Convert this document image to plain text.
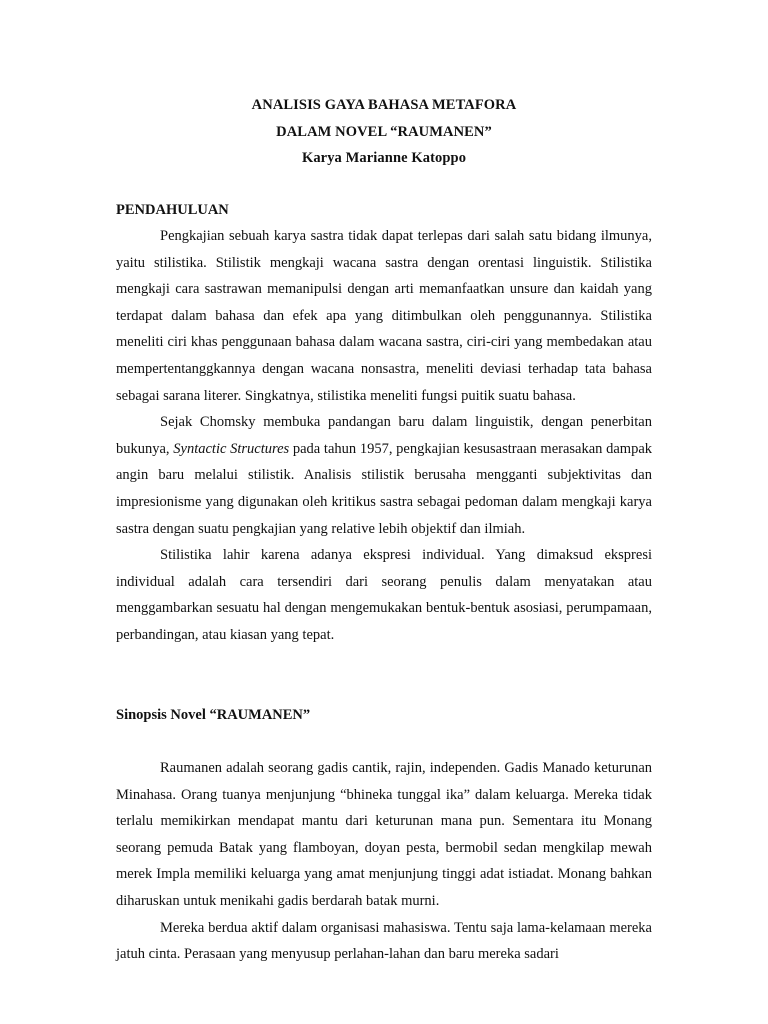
ANALISIS GAYA BAHASA METAFORA
DALAM NOVEL “RAUMANEN”
Karya Marianne Katoppo
PENDAHULUAN

Pengkajian sebuah karya sastra tidak dapat terlepas dari salah satu bidang ilmunya, yaitu stilistika. Stilistik mengkaji wacana sastra dengan orentasi linguistik. Stilistika mengkaji cara sastrawan memanipulsi dengan arti memanfaatkan unsure dan kaidah yang terdapat dalam bahasa dan efek apa yang ditimbulkan oleh penggunannya. Stilistika meneliti ciri khas penggunaan bahasa dalam wacana sastra, ciri-ciri yang membedakan atau mempertentanggkannya dengan wacana nonsastra, meneliti deviasi terhadap tata bahasa sebagai sarana literer. Singkatnya, stilistika meneliti fungsi puitik suatu bahasa.

Sejak Chomsky membuka pandangan baru dalam linguistik, dengan penerbitan bukunya, Syntactic Structures pada tahun 1957, pengkajian kesusastraan merasakan dampak angin baru melalui stilistik. Analisis stilistik berusaha mengganti subjektivitas dan impresionisme yang digunakan oleh kritikus sastra sebagai pedoman dalam mengkaji karya sastra dengan suatu pengkajian yang relative lebih objektif dan ilmiah.

Stilistika lahir karena adanya ekspresi individual. Yang dimaksud ekspresi individual adalah cara tersendiri dari seorang penulis dalam menyatakan atau menggambarkan sesuatu hal dengan mengemukakan bentuk-bentuk asosiasi, perumpamaan, perbandingan, atau kiasan yang tepat.

Sinopsis Novel “RAUMANEN”

Raumanen adalah seorang gadis cantik, rajin, independen. Gadis Manado keturunan Minahasa. Orang tuanya menjunjung “bhineka tunggal ika” dalam keluarga. Mereka tidak terlalu memikirkan mendapat mantu dari keturunan mana pun. Sementara itu Monang seorang pemuda Batak yang flamboyan, doyan pesta, bermobil sedan mengkilap mewah merek Impla memiliki keluarga yang amat menjunjung tinggi adat istiadat. Monang bahkan diharuskan untuk menikahi gadis berdarah batak murni.

Mereka berdua aktif dalam organisasi mahasiswa. Tentu saja lama-kelamaan mereka jatuh cinta. Perasaan yang menyusup perlahan-lahan dan baru mereka sadari
